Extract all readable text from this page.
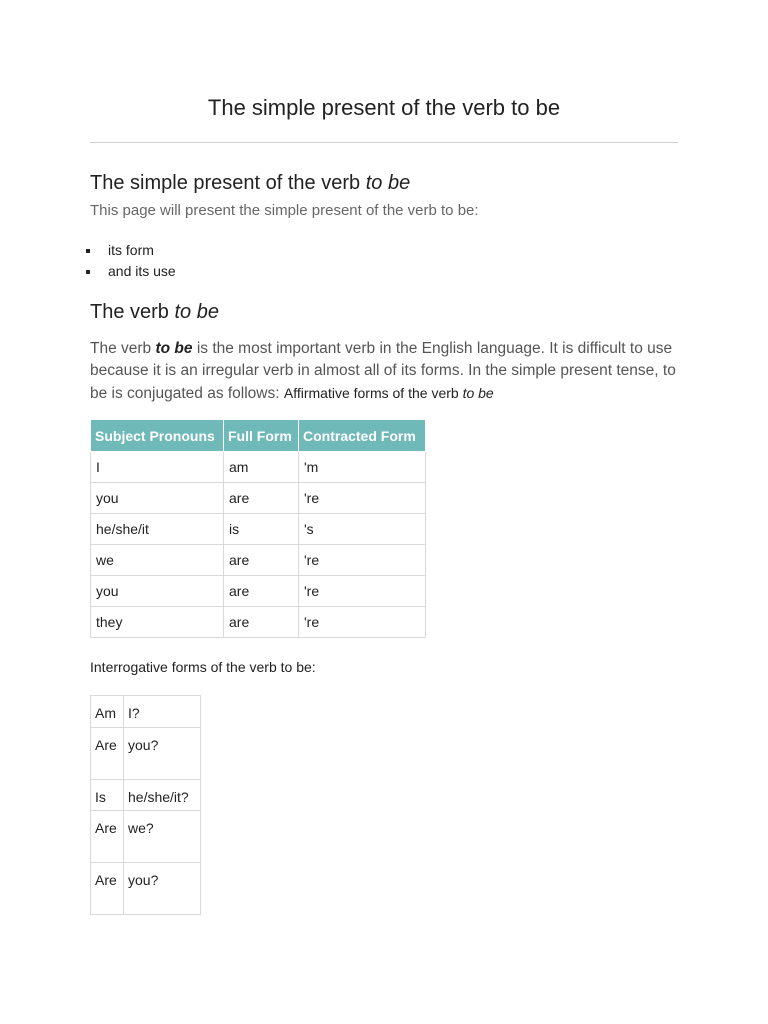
The simple present of the verb to be
The simple present of the verb to be

This page will present the simple present of the verb to be:

its form
and its use
The verb to be

The verb to be is the most important verb in the English language. It is difficult to use because it is an irregular verb in almost all of its forms. In the simple present tense, to be is conjugated as follows: Affirmative forms of the verb to be

Subject Pronouns	Full Form	Contracted Form
I	am	'm
you	are	're
he/she/it	is	's
we	are	're
you	are	're
they	are	're

Interrogative forms of the verb to be:

Am	I?
Are	you?
Is	he/she/it?
Are	we?
Are	you?
